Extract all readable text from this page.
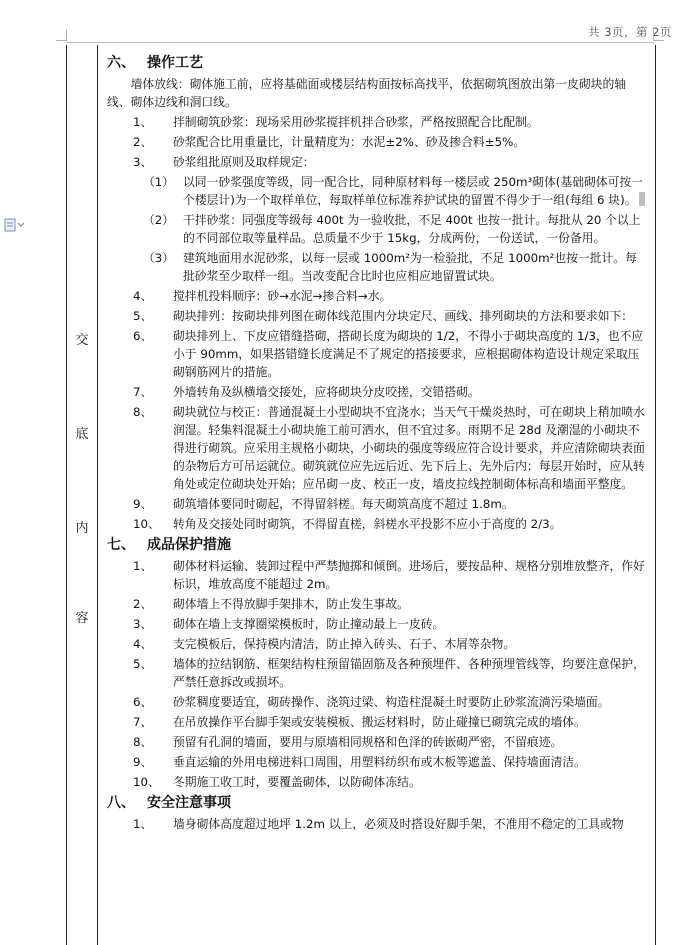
共 3页，第 2页
交
底
内
容
六、 操作工艺

墙体放线：砌体施工前，应将基础面或楼层结构面按标高找平，依据砌筑图放出第一皮砌块的轴线、砌体边线和洞口线。

1、	拌制砌筑砂浆：现场采用砂浆搅拌机拌合砂浆，严格按照配合比配制。
2、	砂浆配合比用重量比，计量精度为：水泥±2%、砂及掺合料±5%。
3、	砂浆组批原则及取样规定：
（1） 以同一砂浆强度等级，同一配合比，同种原材料每一楼层或 250m³砌体(基础砌体可按一个楼层计)为一个取样单位，每取样单位标准养护试块的留置不得少于一组(每组 6 块)。
（2） 干拌砂浆：同强度等级每 400t 为一验收批，不足 400t 也按一批计。每批从 20 个以上的不同部位取等量样品。总质量不少于 15kg，分成两份，一份送试，一份备用。
（3） 建筑地面用水泥砂浆，以每一层或 1000m²为一检验批，不足 1000m²也按一批计。每批砂浆至少取样一组。当改变配合比时也应相应地留置试块。
4、	搅拌机投料顺序：砂→水泥→掺合料→水。
5、	砌块排列：按砌块排列图在砌体线范围内分块定尺、画线、排列砌块的方法和要求如下：
6、	砌块排列上、下皮应错缝搭砌，搭砌长度为砌块的 1/2，不得小于砌块高度的 1/3，也不应小于 90mm，如果搭错缝长度满足不了规定的搭接要求，应根据砌体构造设计规定采取压砌钢筋网片的措施。
7、	外墙转角及纵横墙交接处，应将砌块分皮咬搓，交错搭砌。
8、	砌块就位与校正：普通混凝土小型砌块不宜浇水；当天气干燥炎热时，可在砌块上稍加喷水润湿。轻集料混凝土小砌块施工前可洒水，但不宜过多。雨期不足 28d 及潮湿的小砌块不得进行砌筑。应采用主规格小砌块，小砌块的强度等级应符合设计要求，并应清除砌块表面的杂物后方可吊运就位。砌筑就位应先远后近、先下后上、先外后内；每层开始时，应从转角处或定位砌块处开始；应吊砌一皮、校正一皮，墙皮拉线控制砌体标高和墙面平整度。
9、	砌筑墙体要同时砌起，不得留斜槎。每天砌筑高度不超过 1.8m。
10、	转角及交接处同时砌筑，不得留直槎，斜槎水平投影不应小于高度的 2/3。
七、 成品保护措施
1、	砌体材料运输、装卸过程中严禁抛掷和倾倒。进场后，要按品种、规格分别堆放整齐，作好标识，堆放高度不能超过 2m。
2、	砌体墙上不得放脚手架排木，防止发生事故。
3、	砌体在墙上支撑圈梁模板时，防止撞动最上一皮砖。
4、	支完模板后，保持模内清洁，防止掉入砖头、石子、木屑等杂物。
5、	墙体的拉结钢筋、框架结构柱预留锚固筋及各种预埋件、各种预埋管线等，均要注意保护，严禁任意拆改或损坏。
6、	砂浆稠度要适宜，砌砖操作、浇筑过梁、构造柱混凝土时要防止砂浆流淌污染墙面。
7、	在吊放操作平台脚手架或安装模板、搬运材料时，防止碰撞已砌筑完成的墙体。
8、	预留有孔洞的墙面，要用与原墙相同规格和色泽的砖嵌砌严密，不留痕迹。
9、	垂直运输的外用电梯进料口周围，用塑料纺织布或木板等遮盖、保持墙面清洁。
10、	冬期施工收工时，要覆盖砌体，以防砌体冻结。
八、 安全注意事项
1、	墙身砌体高度超过地坪 1.2m 以上，必须及时搭设好脚手架，不准用不稳定的工具或物
